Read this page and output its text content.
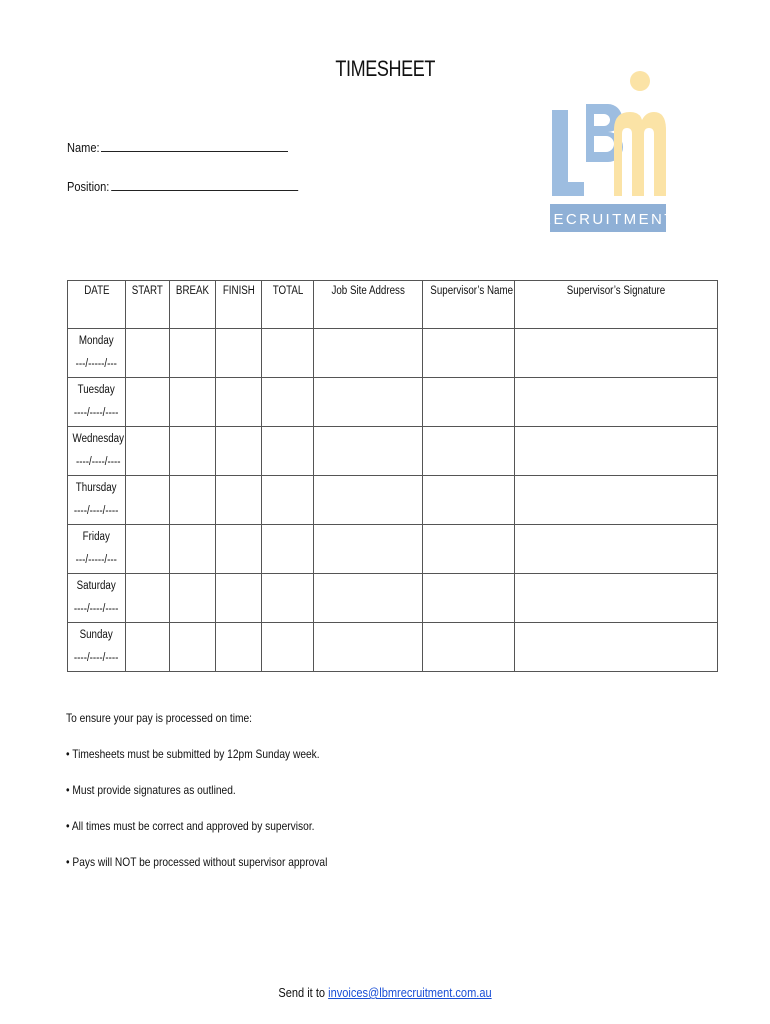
TIMESHEET
Name:
Position:
RECRUITMENT
DATE	START	BREAK	FINISH	TOTAL	Job Site Address	Supervisor’s Name	Supervisor’s Signature

Monday
---/-----/---							

Tuesday
----/----/----							

Wednesday
----/----/----							

Thursday
----/----/----							

Friday
---/-----/---							

Saturday
----/----/----							

Sunday
----/----/----							

To ensure your pay is processed on time:

• Timesheets must be submitted by 12pm Sunday week.

• Must provide signatures as outlined.

• All times must be correct and approved by supervisor.

• Pays will NOT be processed without supervisor approval

Send it to invoices@lbmrecruitment.com.au
